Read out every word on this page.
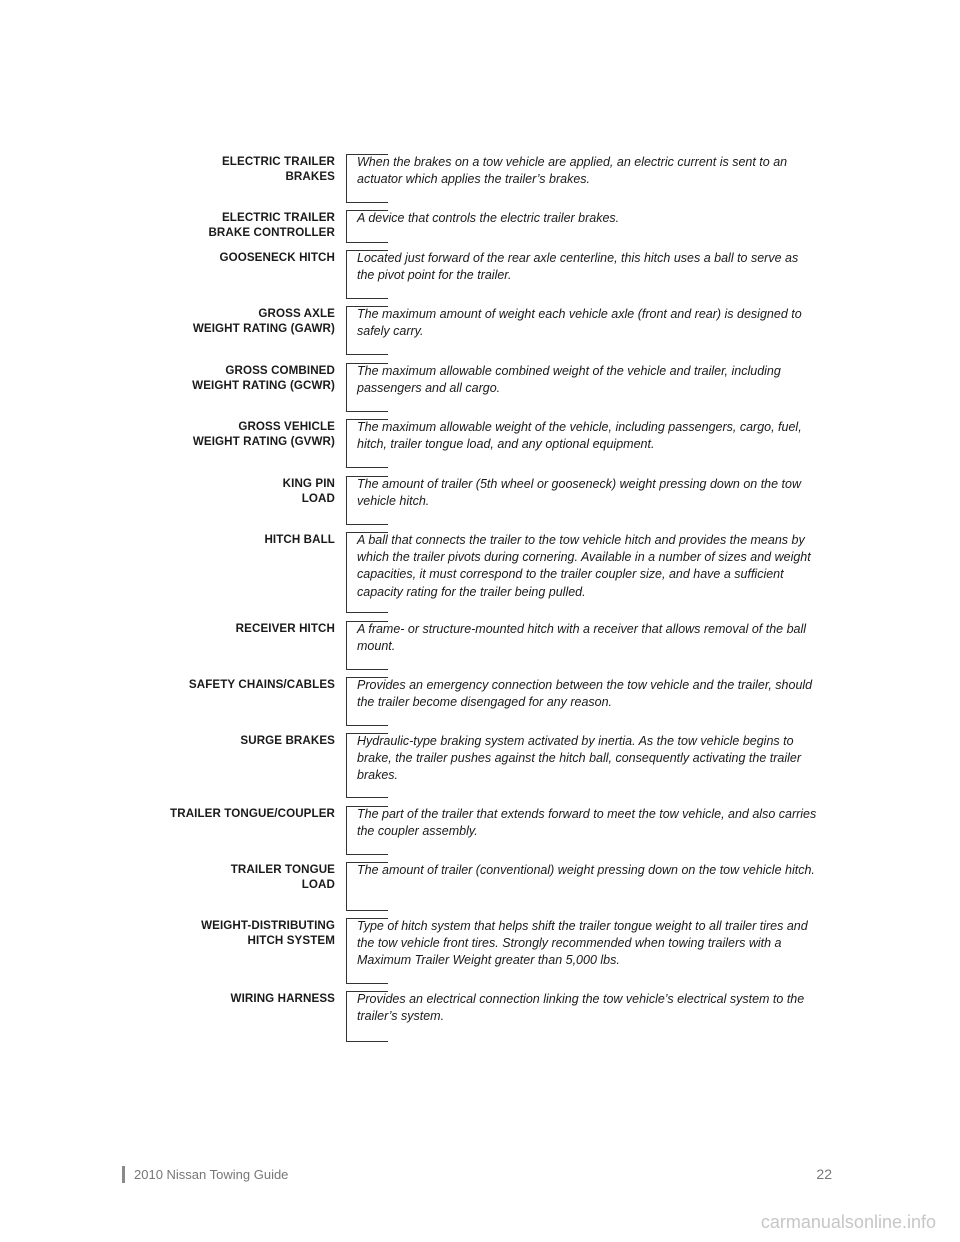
ELECTRIC TRAILER
BRAKES
When the brakes on a tow vehicle are applied, an electric current is sent to an actuator which applies the trailer’s brakes.
ELECTRIC TRAILER
BRAKE CONTROLLER
A device that controls the electric trailer brakes.
GOOSENECK HITCH Located just forward of the rear axle centerline, this hitch uses a ball to serve as the pivot point for the trailer.
GROSS AXLE
WEIGHT RATING (GAWR)
The maximum amount of weight each vehicle axle (front and rear) is designed to safely carry.
GROSS COMBINED
WEIGHT RATING (GCWR)
The maximum allowable combined weight of the vehicle and trailer, including passengers and all cargo.
GROSS VEHICLE
WEIGHT RATING (GVWR)
The maximum allowable weight of the vehicle, including passengers, cargo, fuel, hitch, trailer tongue load, and any optional equipment.
KING PIN
LOAD
The amount of trailer (5th wheel or gooseneck) weight pressing down on the tow vehicle hitch.
HITCH BALL A ball that connects the trailer to the tow vehicle hitch and provides the means by which the trailer pivots during cornering. Available in a number of sizes and weight capacities, it must correspond to the trailer coupler size, and have a sufficient capacity rating for the trailer being pulled.
RECEIVER HITCH A frame- or structure-mounted hitch with a receiver that allows removal of the ball mount.
SAFETY CHAINS/CABLES Provides an emergency connection between the tow vehicle and the trailer, should the trailer become disengaged for any reason.
SURGE BRAKES Hydraulic-type braking system activated by inertia. As the tow vehicle begins to brake, the trailer pushes against the hitch ball, consequently activating the trailer brakes.
TRAILER TONGUE/COUPLER The part of the trailer that extends forward to meet the tow vehicle, and also carries the coupler assembly.
TRAILER TONGUE
LOAD
The amount of trailer (conventional) weight pressing down on the tow vehicle hitch.
WEIGHT-DISTRIBUTING
HITCH SYSTEM
Type of hitch system that helps shift the trailer tongue weight to all trailer tires and the tow vehicle front tires. Strongly recommended when towing trailers with a Maximum Trailer Weight greater than 5,000 lbs.
WIRING HARNESS Provides an electrical connection linking the tow vehicle’s electrical system to the trailer’s system.
2010 Nissan Towing Guide	22
carmanualsonline.info
